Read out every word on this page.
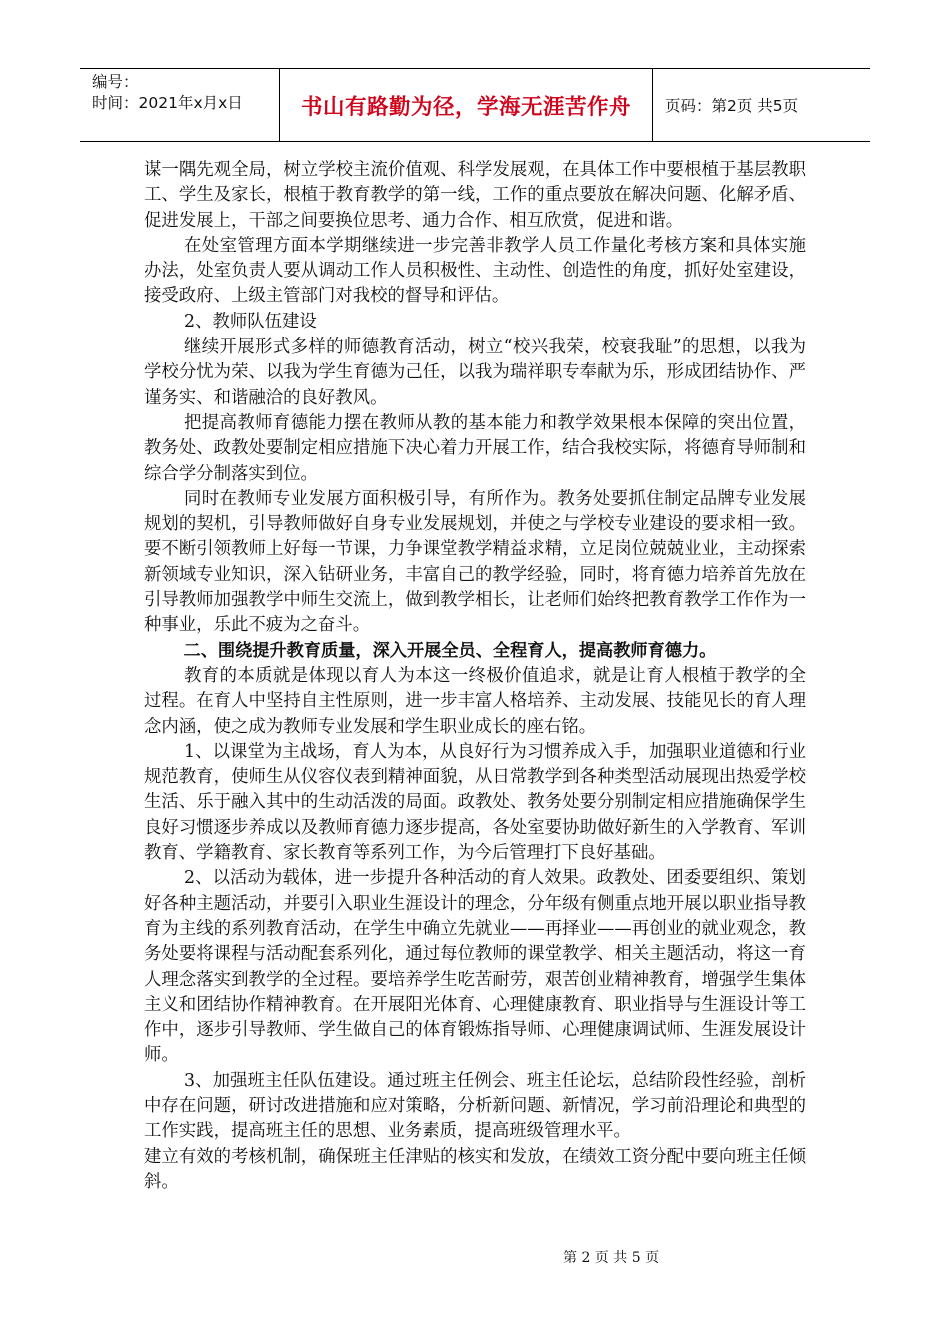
编号：
时间：2021年x月x日	书山有路勤为径，学海无涯苦作舟 页码：第2页 共5页

谋一隅先观全局，树立学校主流价值观、科学发展观，在具体工作中要根植于基层教职工、学生及家长，根植于教育教学的第一线，工作的重点要放在解决问题、化解矛盾、促进发展上，干部之间要换位思考、通力合作、相互欣赏，促进和谐。

在处室管理方面本学期继续进一步完善非教学人员工作量化考核方案和具体实施办法，处室负责人要从调动工作人员积极性、主动性、创造性的角度，抓好处室建设，接受政府、上级主管部门对我校的督导和评估。

2、教师队伍建设

继续开展形式多样的师德教育活动，树立“校兴我荣，校衰我耻”的思想，以我为学校分忧为荣、以我为学生育德为己任，以我为瑞祥职专奉献为乐，形成团结协作、严谨务实、和谐融洽的良好教风。

把提高教师育德能力摆在教师从教的基本能力和教学效果根本保障的突出位置，教务处、政教处要制定相应措施下决心着力开展工作，结合我校实际，将德育导师制和综合学分制落实到位。

同时在教师专业发展方面积极引导，有所作为。教务处要抓住制定品牌专业发展规划的契机，引导教师做好自身专业发展规划，并使之与学校专业建设的要求相一致。要不断引领教师上好每一节课，力争课堂教学精益求精，立足岗位兢兢业业，主动探索新领域专业知识，深入钻研业务，丰富自己的教学经验，同时，将育德力培养首先放在引导教师加强教学中师生交流上，做到教学相长，让老师们始终把教育教学工作作为一种事业，乐此不疲为之奋斗。

二、围绕提升教育质量，深入开展全员、全程育人，提高教师育德力。

教育的本质就是体现以育人为本这一终极价值追求，就是让育人根植于教学的全过程。在育人中坚持自主性原则，进一步丰富人格培养、主动发展、技能见长的育人理念内涵，使之成为教师专业发展和学生职业成长的座右铭。

1、以课堂为主战场，育人为本，从良好行为习惯养成入手，加强职业道德和行业规范教育，使师生从仪容仪表到精神面貌，从日常教学到各种类型活动展现出热爱学校生活、乐于融入其中的生动活泼的局面。政教处、教务处要分别制定相应措施确保学生良好习惯逐步养成以及教师育德力逐步提高，各处室要协助做好新生的入学教育、军训教育、学籍教育、家长教育等系列工作，为今后管理打下良好基础。

2、以活动为载体，进一步提升各种活动的育人效果。政教处、团委要组织、策划好各种主题活动，并要引入职业生涯设计的理念，分年级有侧重点地开展以职业指导教育为主线的系列教育活动，在学生中确立先就业——再择业——再创业的就业观念，教务处要将课程与活动配套系列化，通过每位教师的课堂教学、相关主题活动，将这一育人理念落实到教学的全过程。要培养学生吃苦耐劳，艰苦创业精神教育，增强学生集体主义和团结协作精神教育。在开展阳光体育、心理健康教育、职业指导与生涯设计等工作中，逐步引导教师、学生做自己的体育锻炼指导师、心理健康调试师、生涯发展设计师。

3、加强班主任队伍建设。通过班主任例会、班主任论坛，总结阶段性经验，剖析中存在问题，研讨改进措施和应对策略，分析新问题、新情况，学习前沿理论和典型的工作实践，提高班主任的思想、业务素质，提高班级管理水平。

建立有效的考核机制，确保班主任津贴的核实和发放，在绩效工资分配中要向班主任倾斜。

第 2 页 共 5 页
